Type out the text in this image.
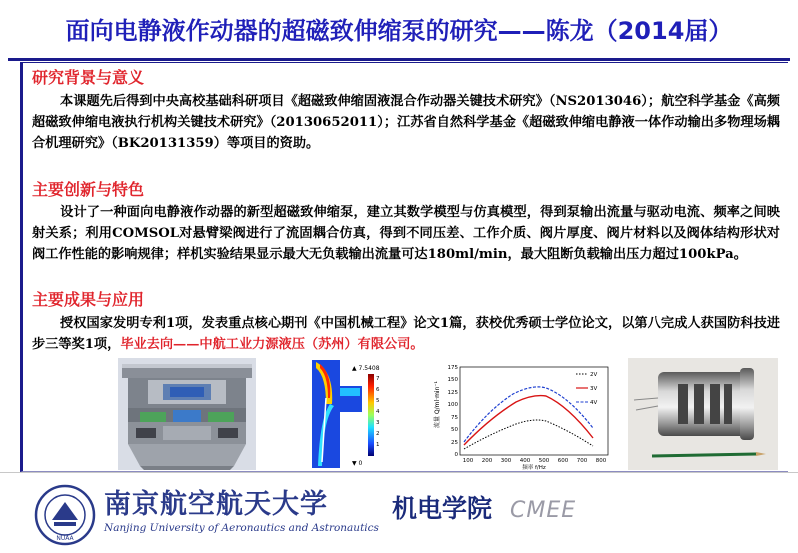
面向电静液作动器的超磁致伸缩泵的研究——陈龙（2014届）
研究背景与意义
本课题先后得到中央高校基础科研项目《超磁致伸缩固液混合作动器关键技术研究》（NS2013046）；航空科学基金《高频超磁致伸缩电液执行机构关键技术研究》（20130652011）；江苏省自然科学基金《超磁致伸缩电静液一体作动输出多物理场耦合机理研究》（BK20131359）等项目的资助。
主要创新与特色
设计了一种面向电静液作动器的新型超磁致伸缩泵，建立其数学模型与仿真模型，得到泵输出流量与驱动电流、频率之间映射关系；利用COMSOL对悬臂梁阀进行了流固耦合仿真，得到不同压差、工作介质、阀片厚度、阀片材料以及阀体结构形状对阀工作性能的影响规律；样机实验结果显示最大无负载输出流量可达180ml/min，最大阻断负载输出压力超过100kPa。
主要成果与应用
授权国家发明专利1项，发表重点核心期刊《中国机械工程》论文1篇，获校优秀硕士学位论文，以第八完成人获国防科技进步三等奖1项，毕业去向——中航工业力源液压（苏州）有限公司。
▲ 7.5408
7
6
5
4
3
2
1
▼ 0
流量 Q/ml·min⁻¹
0
25
50
75
100
125
150
175
2V
3V
4V
100 200 300 400 500 600 700 800
频率 f/Hz
NUAA
南京航空航天大学
Nanjing University of Aeronautics and Astronautics
机电学院 CMEE
